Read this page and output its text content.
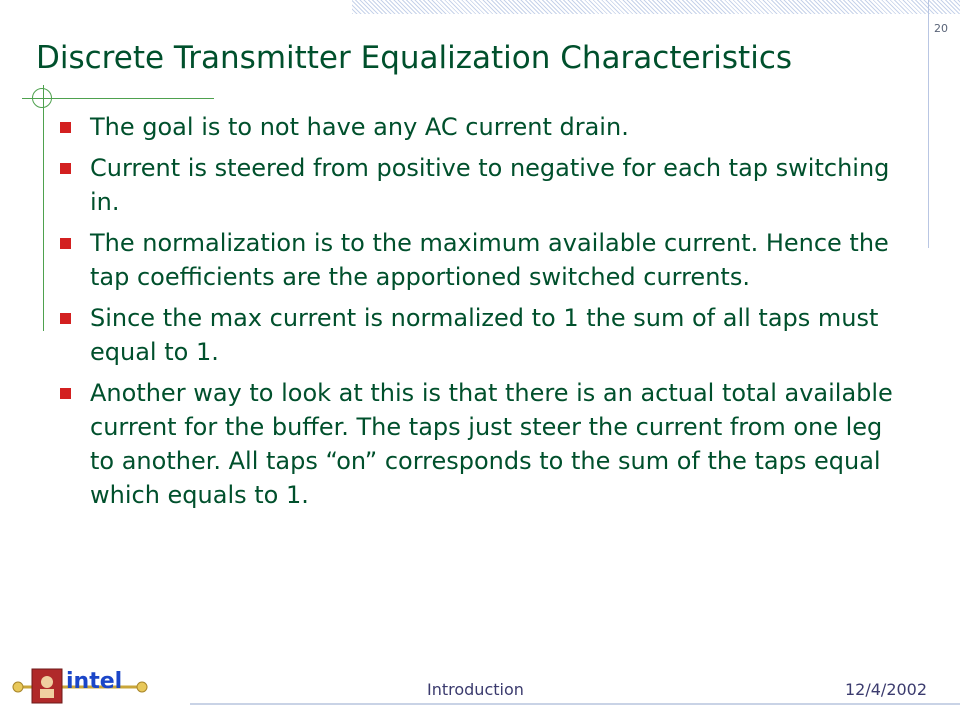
20
Discrete Transmitter Equalization Characteristics
The goal is to not have any AC current drain.
Current is steered from positive to negative for each tap switching in.
The normalization is to the maximum available current. Hence the tap coefficients are the apportioned switched currents.
Since the max current is normalized to 1 the sum of all taps must equal to 1.
Another way to look at this is that there is an actual total available current for the buffer. The taps just steer the current from one leg to another. All taps “on” corresponds to the sum of the taps equal which equals to 1.
intel	Introduction	12/4/2002
